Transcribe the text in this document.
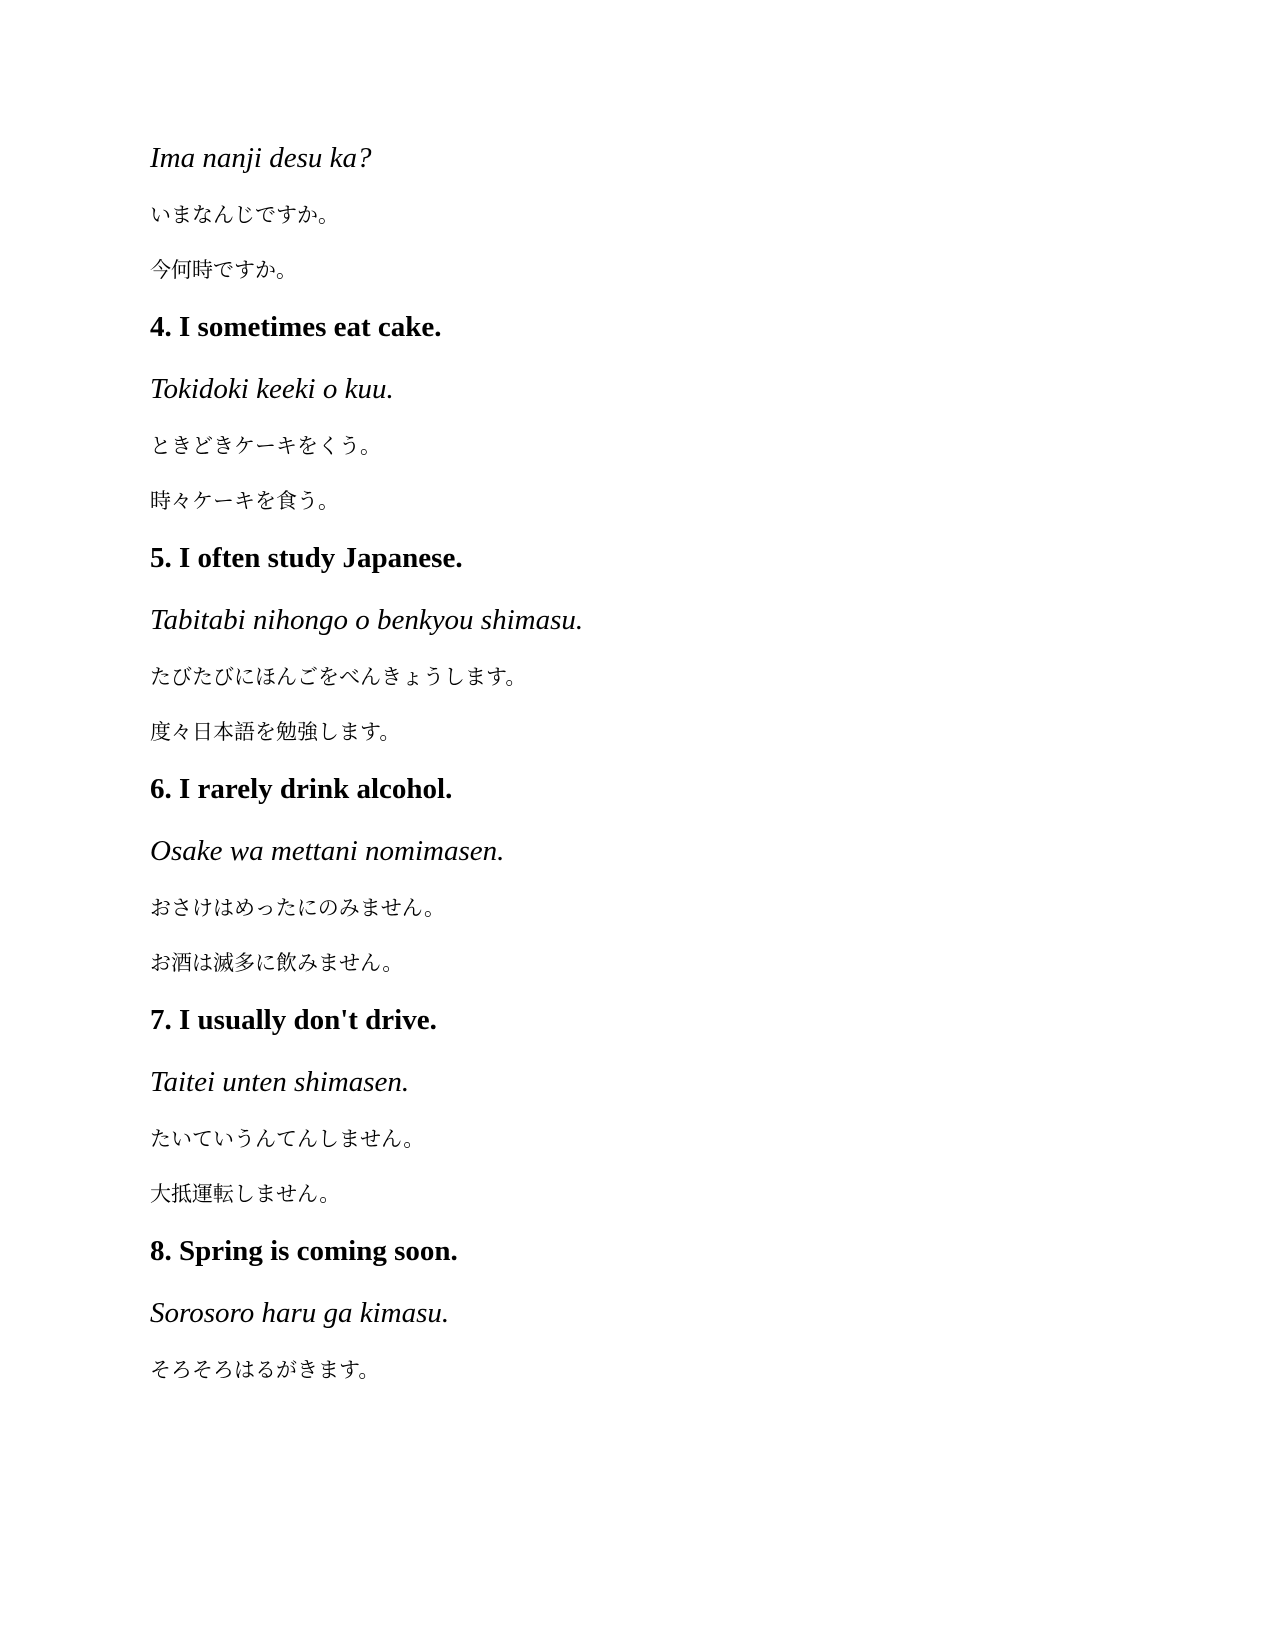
Ima nanji desu ka?

いまなんじですか。

今何時ですか。

4. I sometimes eat cake.

Tokidoki keeki o kuu.

ときどきケーキをくう。

時々ケーキを食う。

5. I often study Japanese.

Tabitabi nihongo o benkyou shimasu.

たびたびにほんごをべんきょうします。

度々日本語を勉強します。

6. I rarely drink alcohol.

Osake wa mettani nomimasen.

おさけはめったにのみません。

お酒は滅多に飲みません。

7. I usually don't drive.

Taitei unten shimasen.

たいていうんてんしません。

大抵運転しません。

8. Spring is coming soon.

Sorosoro haru ga kimasu.

そろそろはるがきます。
